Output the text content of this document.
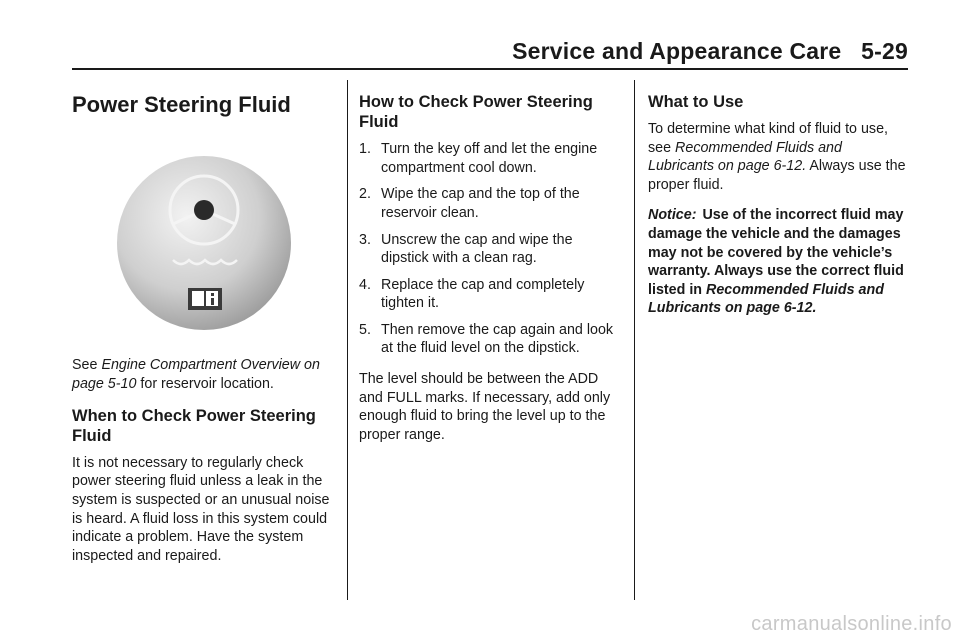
Service and Appearance Care   5-29
Power Steering Fluid

See Engine Compartment Overview on page 5-10 for reservoir location.

When to Check Power Steering Fluid

It is not necessary to regularly check power steering fluid unless a leak in the system is suspected or an unusual noise is heard. A fluid loss in this system could indicate a problem. Have the system inspected and repaired.

How to Check Power Steering Fluid
1. Turn the key off and let the engine compartment cool down.
2. Wipe the cap and the top of the reservoir clean.
3. Unscrew the cap and wipe the dipstick with a clean rag.
4. Replace the cap and completely tighten it.
5. Then remove the cap again and look at the fluid level on the dipstick.

The level should be between the ADD and FULL marks. If necessary, add only enough fluid to bring the level up to the proper range.

What to Use

To determine what kind of fluid to use, see Recommended Fluids and Lubricants on page 6-12. Always use the proper fluid.

Notice: Use of the incorrect fluid may damage the vehicle and the damages may not be covered by the vehicle’s warranty. Always use the correct fluid listed in Recommended Fluids and Lubricants on page 6-12.

carmanualsonline.info
